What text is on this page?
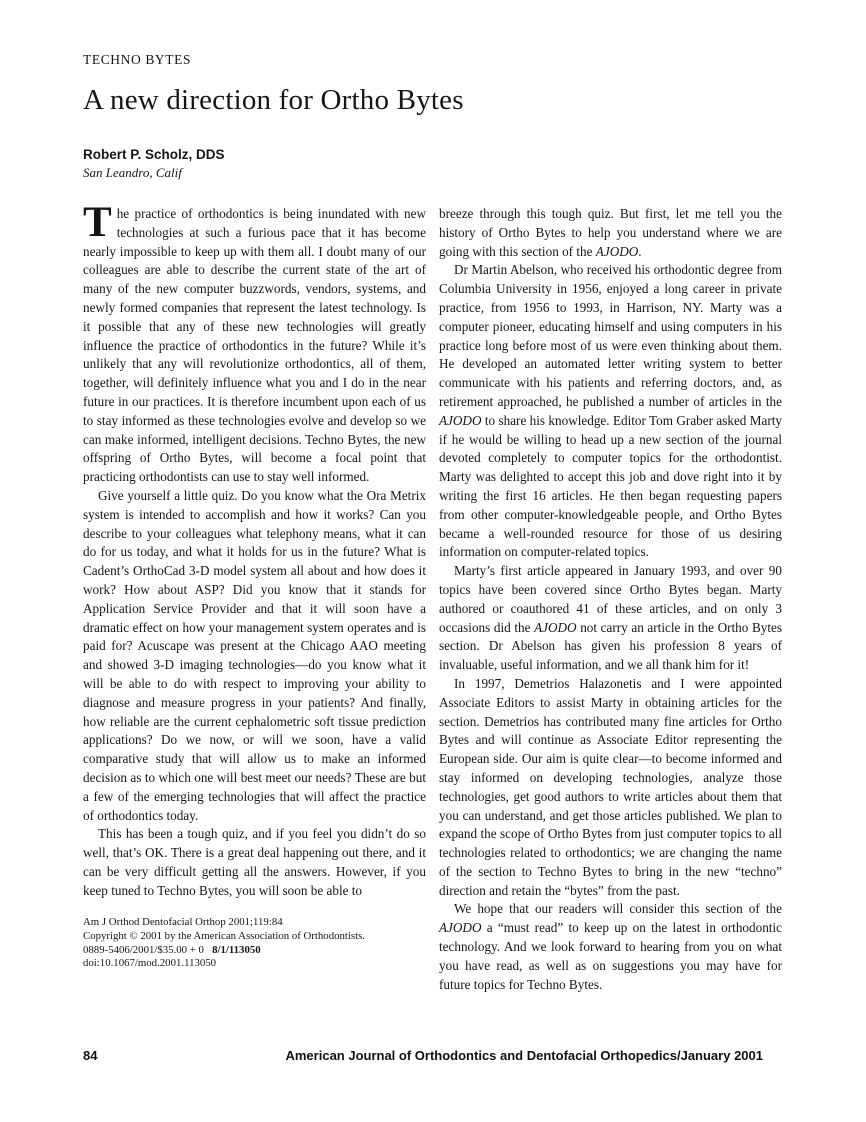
TECHNO BYTES
A new direction for Ortho Bytes
Robert P. Scholz, DDS
San Leandro, Calif

The practice of orthodontics is being inundated with new technologies at such a furious pace that it has become nearly impossible to keep up with them all. I doubt many of our colleagues are able to describe the current state of the art of many of the new computer buzzwords, vendors, systems, and newly formed companies that represent the latest technology. Is it possible that any of these new technologies will greatly influence the practice of orthodontics in the future? While it’s unlikely that any will revolutionize orthodontics, all of them, together, will definitely influence what you and I do in the near future in our practices. It is therefore incumbent upon each of us to stay informed as these technologies evolve and develop so we can make informed, intelligent decisions. Techno Bytes, the new offspring of Ortho Bytes, will become a focal point that practicing orthodontists can use to stay well informed.

Give yourself a little quiz. Do you know what the Ora Metrix system is intended to accomplish and how it works? Can you describe to your colleagues what telephony means, what it can do for us today, and what it holds for us in the future? What is Cadent’s OrthoCad 3-D model system all about and how does it work? How about ASP? Did you know that it stands for Application Service Provider and that it will soon have a dramatic effect on how your management system operates and is paid for? Acuscape was present at the Chicago AAO meeting and showed 3-D imaging technologies—do you know what it will be able to do with respect to improving your ability to diagnose and measure progress in your patients? And finally, how reliable are the current cephalometric soft tissue prediction applications? Do we now, or will we soon, have a valid comparative study that will allow us to make an informed decision as to which one will best meet our needs? These are but a few of the emerging technologies that will affect the practice of orthodontics today.

This has been a tough quiz, and if you feel you didn’t do so well, that’s OK. There is a great deal happening out there, and it can be very difficult getting all the answers. However, if you keep tuned to Techno Bytes, you will soon be able to

Am J Orthod Dentofacial Orthop 2001;119:84

Copyright © 2001 by the American Association of Orthodontists.

0889-5406/2001/$35.00 + 0   8/1/113050

doi:10.1067/mod.2001.113050

breeze through this tough quiz. But first, let me tell you the history of Ortho Bytes to help you understand where we are going with this section of the AJODO.

Dr Martin Abelson, who received his orthodontic degree from Columbia University in 1956, enjoyed a long career in private practice, from 1956 to 1993, in Harrison, NY. Marty was a computer pioneer, educating himself and using computers in his practice long before most of us were even thinking about them. He developed an automated letter writing system to better communicate with his patients and referring doctors, and, as retirement approached, he published a number of articles in the AJODO to share his knowledge. Editor Tom Graber asked Marty if he would be willing to head up a new section of the journal devoted completely to computer topics for the orthodontist. Marty was delighted to accept this job and dove right into it by writing the first 16 articles. He then began requesting papers from other computer-knowledgeable people, and Ortho Bytes became a well-rounded resource for those of us desiring information on computer-related topics.

Marty’s first article appeared in January 1993, and over 90 topics have been covered since Ortho Bytes began. Marty authored or coauthored 41 of these articles, and on only 3 occasions did the AJODO not carry an article in the Ortho Bytes section. Dr Abelson has given his profession 8 years of invaluable, useful information, and we all thank him for it!

In 1997, Demetrios Halazonetis and I were appointed Associate Editors to assist Marty in obtaining articles for the section. Demetrios has contributed many fine articles for Ortho Bytes and will continue as Associate Editor representing the European side. Our aim is quite clear—to become informed and stay informed on developing technologies, analyze those technologies, get good authors to write articles about them that you can understand, and get those articles published. We plan to expand the scope of Ortho Bytes from just computer topics to all technologies related to orthodontics; we are changing the name of the section to Techno Bytes to bring in the new “techno” direction and retain the “bytes” from the past.

We hope that our readers will consider this section of the AJODO a “must read” to keep up on the latest in orthodontic technology. And we look forward to hearing from you on what you have read, as well as on suggestions you may have for future topics for Techno Bytes.

84	American Journal of Orthodontics and Dentofacial Orthopedics/January 2001
